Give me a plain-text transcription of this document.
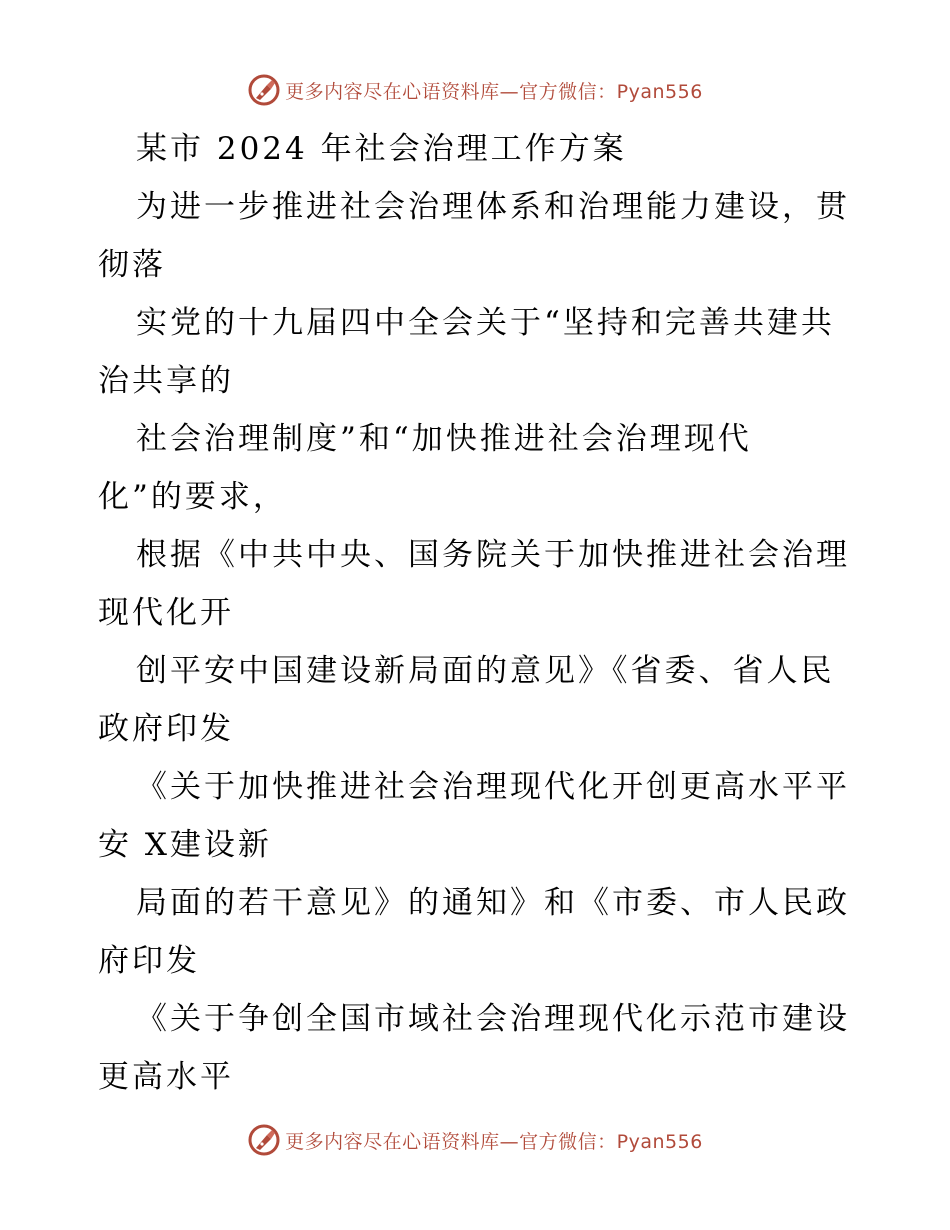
更多内容尽在心语资料库—官方微信：Pyan556
某市 2024 年社会治理工作方案
为进一步推进社会治理体系和治理能力建设，贯
彻落
实党的十九届四中全会关于“坚持和完善共建共
治共享的
社会治理制度”和“加快推进社会治理现代
化”的要求，
根据《中共中央、国务院关于加快推进社会治理
现代化开
创平安中国建设新局面的意见》《省委、省人民
政府印发
《关于加快推进社会治理现代化开创更高水平平
安 X建设新
局面的若干意见》的通知》和《市委、市人民政
府印发
《关于争创全国市域社会治理现代化示范市建设
更高水平
更多内容尽在心语资料库—官方微信：Pyan556
